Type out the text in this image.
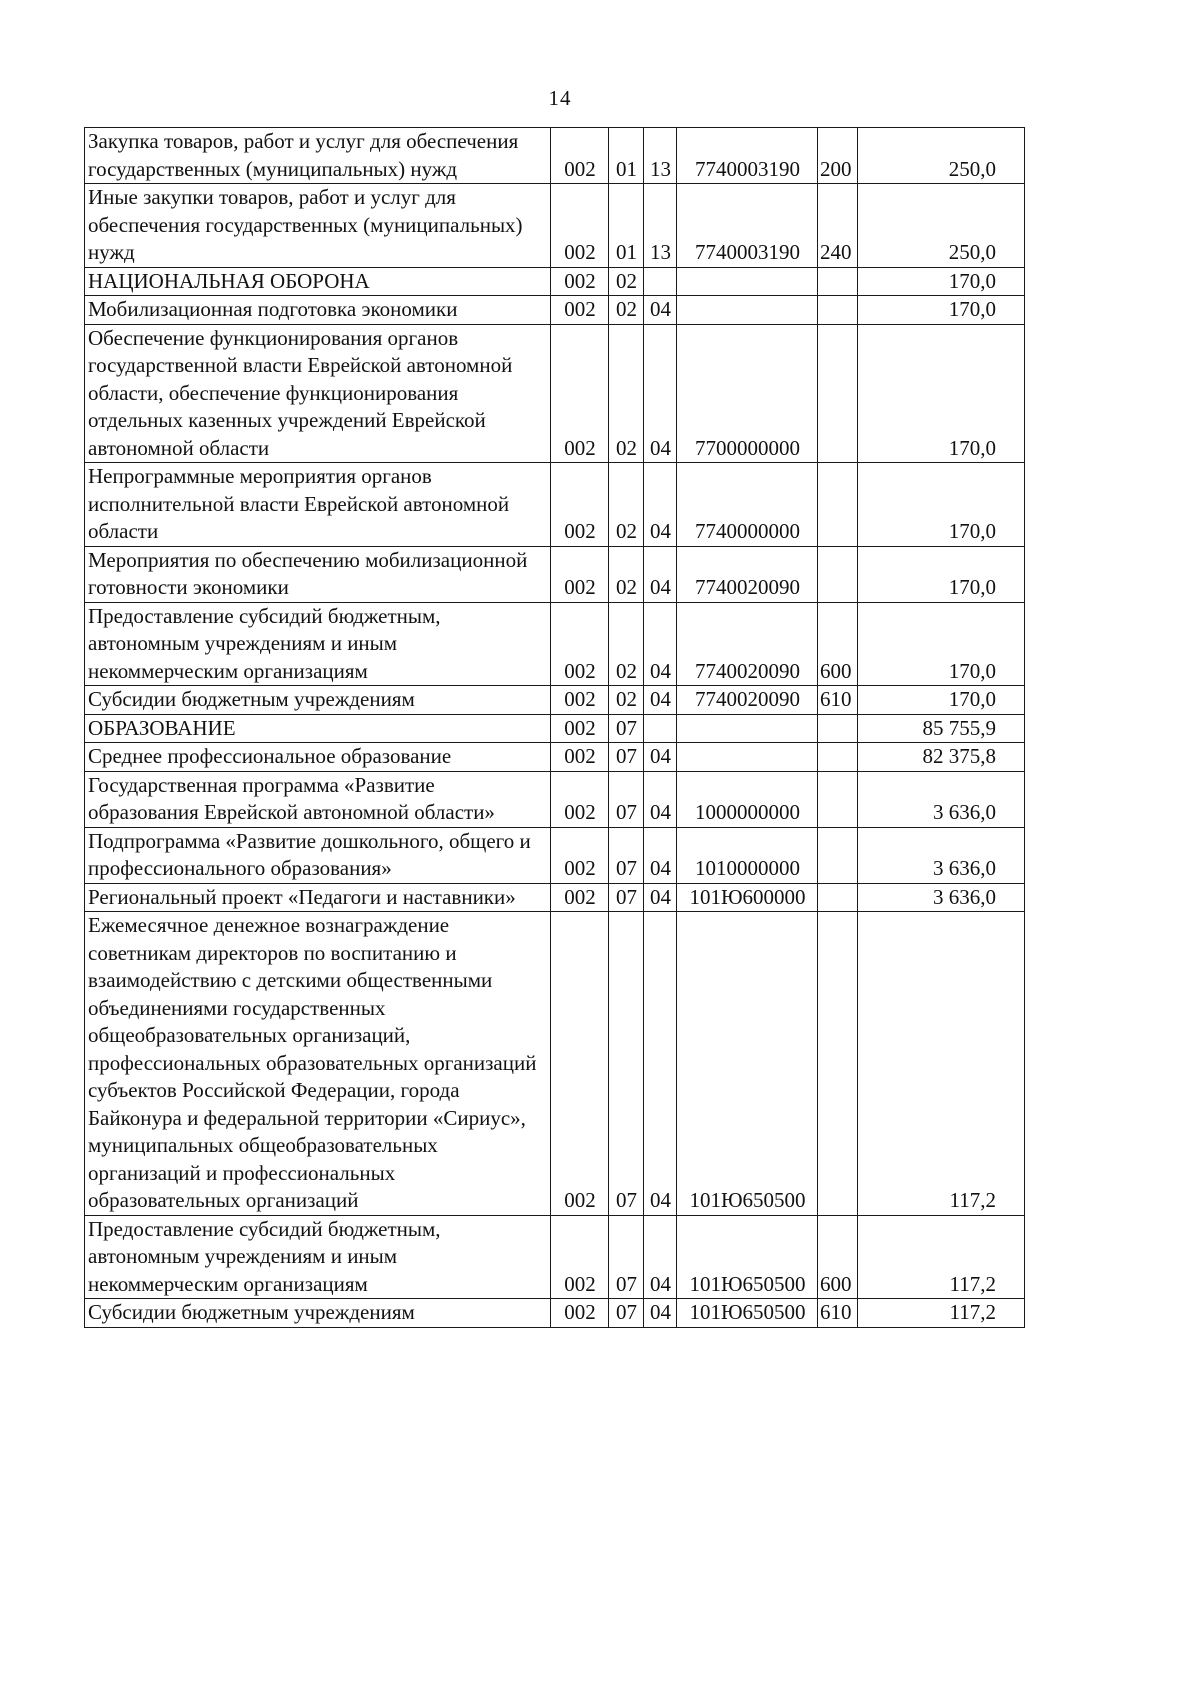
14
Закупка товаров, работ и услуг для обеспечения государственных (муниципальных) нужд	002	01	13	7740003190	200	250,0

Иные закупки товаров, работ и услуг для обеспечения государственных (муниципальных) нужд	002	01	13	7740003190	240	250,0

НАЦИОНАЛЬНАЯ ОБОРОНА	002	02				170,0

Мобилизационная подготовка экономики	002	02	04			170,0

Обеспечение функционирования органов государственной власти Еврейской автономной области, обеспечение функционирования отдельных казенных учреждений Еврейской автономной области	002	02	04	7700000000		170,0

Непрограммные мероприятия органов исполнительной власти Еврейской автономной области	002	02	04	7740000000		170,0

Мероприятия по обеспечению мобилизационной готовности экономики	002	02	04	7740020090		170,0

Предоставление субсидий бюджетным, автономным учреждениям и иным некоммерческим организациям	002	02	04	7740020090	600	170,0

Субсидии бюджетным учреждениям	002	02	04	7740020090	610	170,0

ОБРАЗОВАНИЕ	002	07				85 755,9

Среднее профессиональное образование	002	07	04			82 375,8

Государственная программа «Развитие образования Еврейской автономной области»	002	07	04	1000000000		3 636,0

Подпрограмма «Развитие дошкольного, общего и профессионального образования»	002	07	04	1010000000		3 636,0

Региональный проект «Педагоги и наставники»	002	07	04	101Ю600000		3 636,0

Ежемесячное денежное вознаграждение советникам директоров по воспитанию и взаимодействию с детскими общественными объединениями государственных общеобразовательных организаций, профессиональных образовательных организаций субъектов Российской Федерации, города Байконура и федеральной территории «Сириус», муниципальных общеобразовательных организаций и профессиональных образовательных организаций	002	07	04	101Ю650500		117,2

Предоставление субсидий бюджетным, автономным учреждениям и иным некоммерческим организациям	002	07	04	101Ю650500	600	117,2

Субсидии бюджетным учреждениям	002	07	04	101Ю650500	610	117,2
